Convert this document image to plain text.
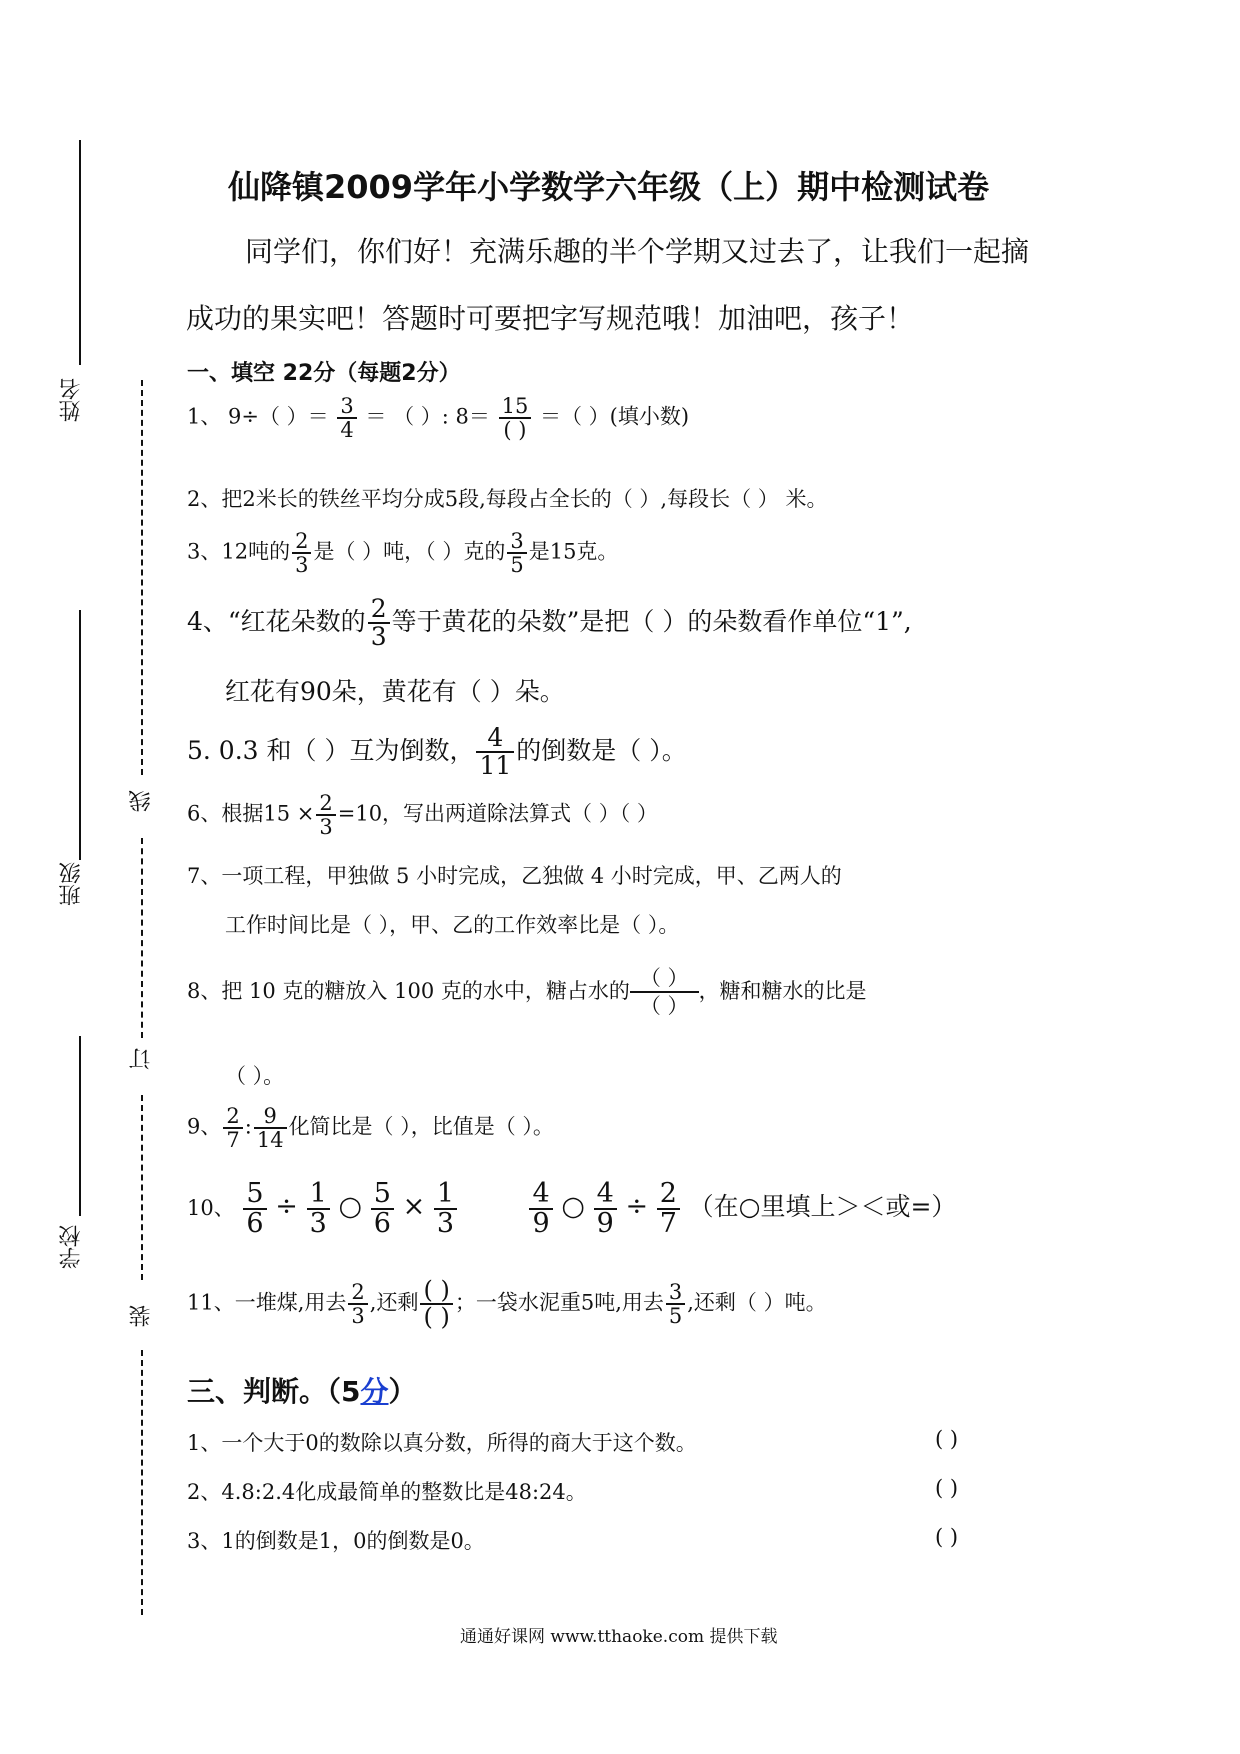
姓名
班级
学校
线
订
装
仙降镇2009学年小学数学六年级（上）期中检测试卷
同学们，你们好！充满乐趣的半个学期又过去了，让我们一起摘
成功的果实吧！答题时可要把字写规范哦！加油吧，孩子！
一、填空 22分（每题2分）
1、 9÷（ ）＝ $\frac{3}{4}$ ＝ （ ）: $8= \frac{15}{( )}$ ＝（ ）(填小数)
2、把2米长的铁丝平均分成5段,每段占全长的（ ）,每段长（ ） 米。
3、12吨的 $\frac{2}{3}$ 是（ ）吨，（ ）克的 $\frac{3}{5}$ 是15克。
4、“红花朵数的 $\frac{2}{3}$ 等于黄花的朵数”是把（ ）的朵数看作单位“1”,
红花有90朵，黄花有（ ）朵。
5. 0.3 和（ ）互为倒数， $\frac{4}{11}$ 的倒数是（ ）。
6、根据$15 \times \frac{2}{3} =10$，写出两道除法算式（ ）（ ）
7、一项工程，甲独做 5 小时完成，乙独做 4 小时完成，甲、乙两人的
工作时间比是（ ），甲、乙的工作效率比是（ ）。
8、把 10 克的糖放入 100 克的水中，糖占水的 $\frac{( )}{( )}$ ，糖和糖水的比是
（ ）。
9、 $\frac{2}{7}$ : $\frac{9}{14}$ 化简比是（ ），比值是（ ）。
10、 $\frac{5}{6} \div \frac{1}{3}$ ○ $\frac{5}{6} \times \frac{1}{3}$
	$\frac{4}{9}$ ○ $\frac{4}{9} \div \frac{2}{7}$ （在○里填上＞＜或=）
11、一堆煤,用去 $\frac{2}{3}$ ,还剩 $\frac{( )}{( )}$ ；一袋水泥重5吨,用去 $\frac{3}{5}$ ,还剩（ ）吨。
三、判断。（5分）
1、一个大于0的数除以真分数，所得的商大于这个数。	( )
2、4.8:2.4化成最简单的整数比是48:24。	( )
3、1的倒数是1，0的倒数是0。	( )
通通好课网 www.tthaoke.com 提供下载
